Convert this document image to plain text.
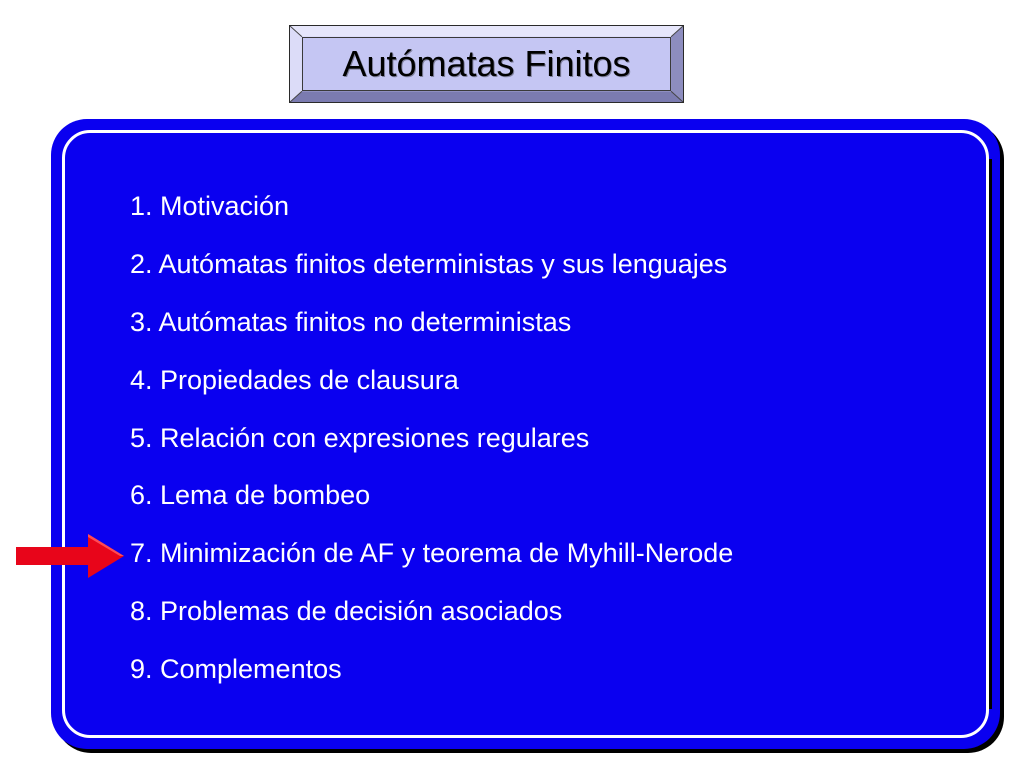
Autómatas Finitos
1. Motivación
2. Autómatas finitos deterministas y sus lenguajes
3. Autómatas finitos no deterministas
4. Propiedades de clausura
5. Relación con expresiones regulares
6. Lema de bombeo
7. Minimización de AF y teorema de Myhill-Nerode
8. Problemas de decisión asociados
9. Complementos
